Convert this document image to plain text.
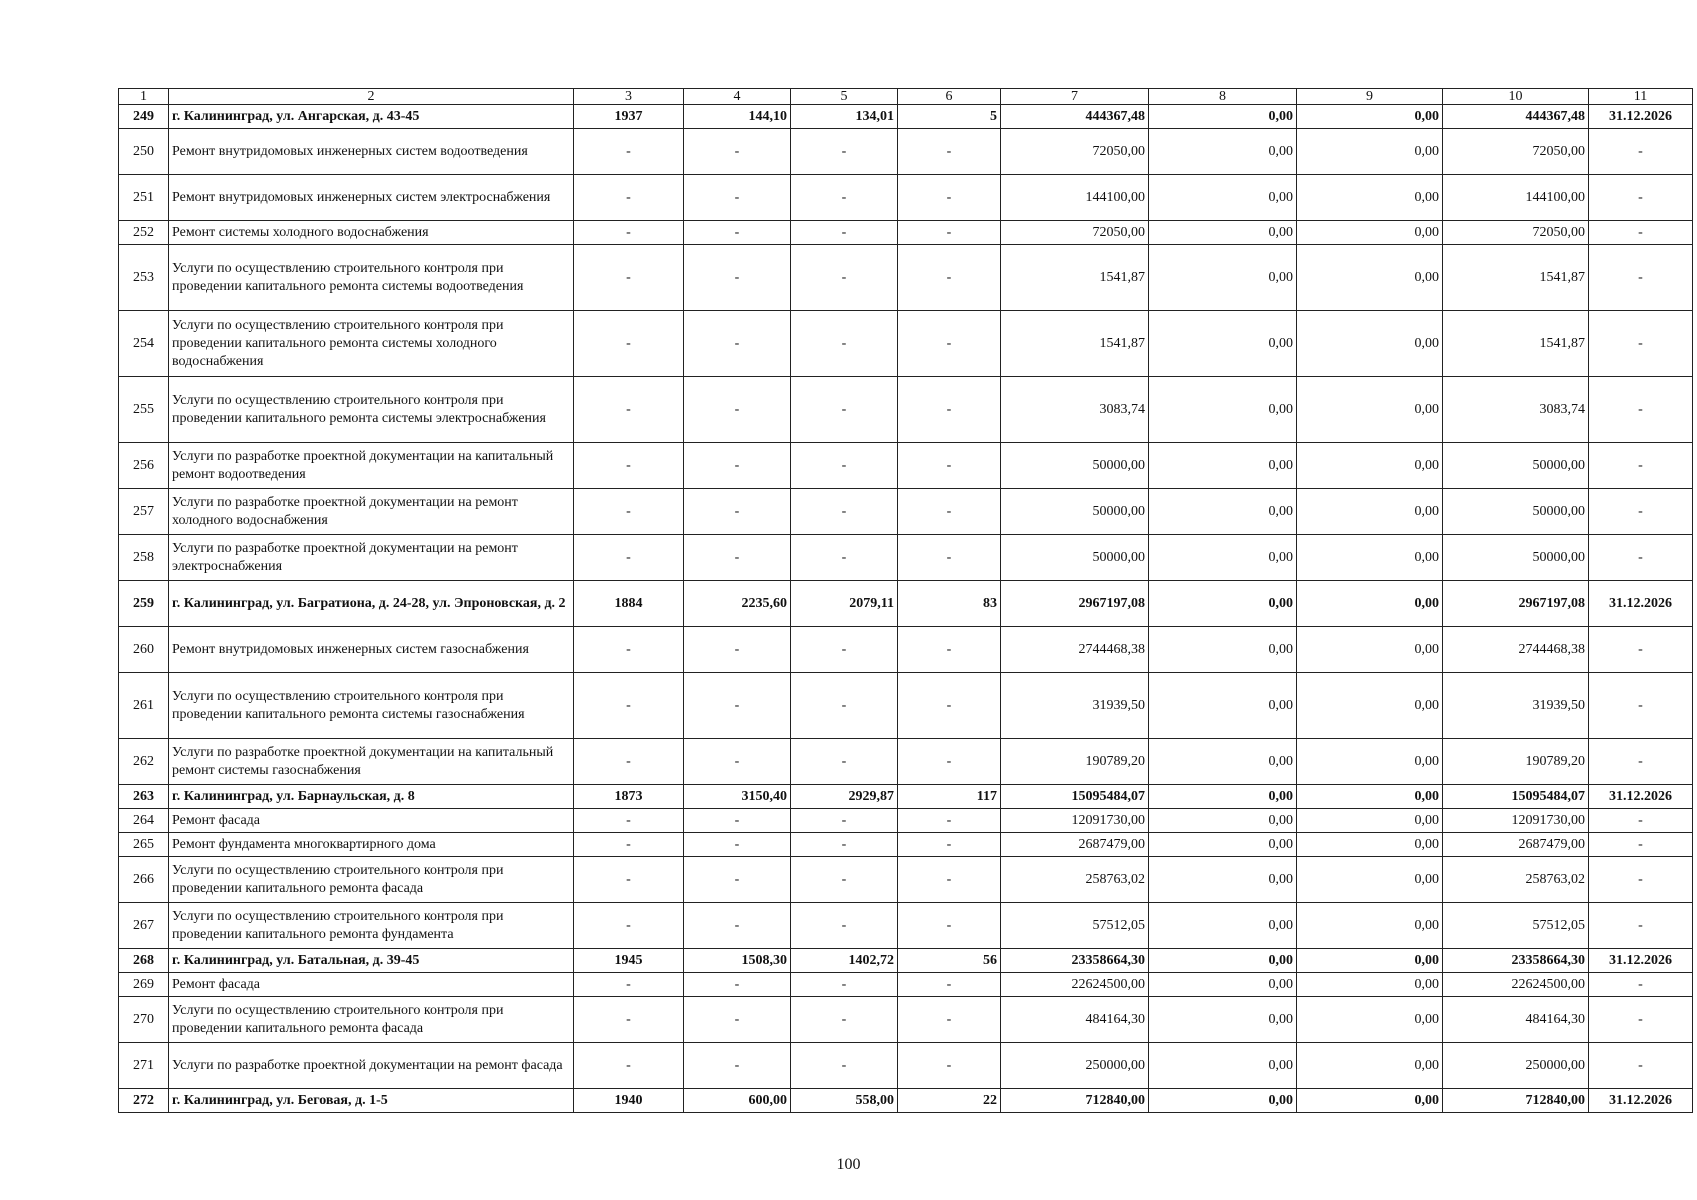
1	2	3	4	5	6	7	8	9	10	11
249	г. Калининград, ул. Ангарская, д. 43-45	1937	144,10	134,01	5	444367,48	0,00	0,00	444367,48	31.12.2026
250	Ремонт внутридомовых инженерных систем водоотведения	-	-	-	-	72050,00	0,00	0,00	72050,00	-
251	Ремонт внутридомовых инженерных систем электроснабжения	-	-	-	-	144100,00	0,00	0,00	144100,00	-
252	Ремонт системы холодного водоснабжения	-	-	-	-	72050,00	0,00	0,00	72050,00	-
253	Услуги по осуществлению строительного контроля при проведении капитального ремонта системы водоотведения	-	-	-	-	1541,87	0,00	0,00	1541,87	-
254	Услуги по осуществлению строительного контроля при проведении капитального ремонта системы холодного водоснабжения	-	-	-	-	1541,87	0,00	0,00	1541,87	-
255	Услуги по осуществлению строительного контроля при проведении капитального ремонта системы электроснабжения	-	-	-	-	3083,74	0,00	0,00	3083,74	-
256	Услуги по разработке проектной документации на капитальный ремонт водоотведения	-	-	-	-	50000,00	0,00	0,00	50000,00	-
257	Услуги по разработке проектной документации на ремонт холодного водоснабжения	-	-	-	-	50000,00	0,00	0,00	50000,00	-
258	Услуги по разработке проектной документации на ремонт электроснабжения	-	-	-	-	50000,00	0,00	0,00	50000,00	-
259	г. Калининград, ул. Багратиона, д. 24-28, ул. Эпроновская, д. 2	1884	2235,60	2079,11	83	2967197,08	0,00	0,00	2967197,08	31.12.2026
260	Ремонт внутридомовых инженерных систем газоснабжения	-	-	-	-	2744468,38	0,00	0,00	2744468,38	-
261	Услуги по осуществлению строительного контроля при проведении капитального ремонта системы газоснабжения	-	-	-	-	31939,50	0,00	0,00	31939,50	-
262	Услуги по разработке проектной документации на капитальный ремонт системы газоснабжения	-	-	-	-	190789,20	0,00	0,00	190789,20	-
263	г. Калининград, ул. Барнаульская, д. 8	1873	3150,40	2929,87	117	15095484,07	0,00	0,00	15095484,07	31.12.2026
264	Ремонт фасада	-	-	-	-	12091730,00	0,00	0,00	12091730,00	-
265	Ремонт фундамента многоквартирного дома	-	-	-	-	2687479,00	0,00	0,00	2687479,00	-
266	Услуги по осуществлению строительного контроля при проведении капитального ремонта фасада	-	-	-	-	258763,02	0,00	0,00	258763,02	-
267	Услуги по осуществлению строительного контроля при проведении капитального ремонта фундамента	-	-	-	-	57512,05	0,00	0,00	57512,05	-
268	г. Калининград, ул. Батальная, д. 39-45	1945	1508,30	1402,72	56	23358664,30	0,00	0,00	23358664,30	31.12.2026
269	Ремонт фасада	-	-	-	-	22624500,00	0,00	0,00	22624500,00	-
270	Услуги по осуществлению строительного контроля при проведении капитального ремонта фасада	-	-	-	-	484164,30	0,00	0,00	484164,30	-
271	Услуги по разработке проектной документации на ремонт фасада	-	-	-	-	250000,00	0,00	0,00	250000,00	-
272	г. Калининград, ул. Беговая, д. 1-5	1940	600,00	558,00	22	712840,00	0,00	0,00	712840,00	31.12.2026
100
